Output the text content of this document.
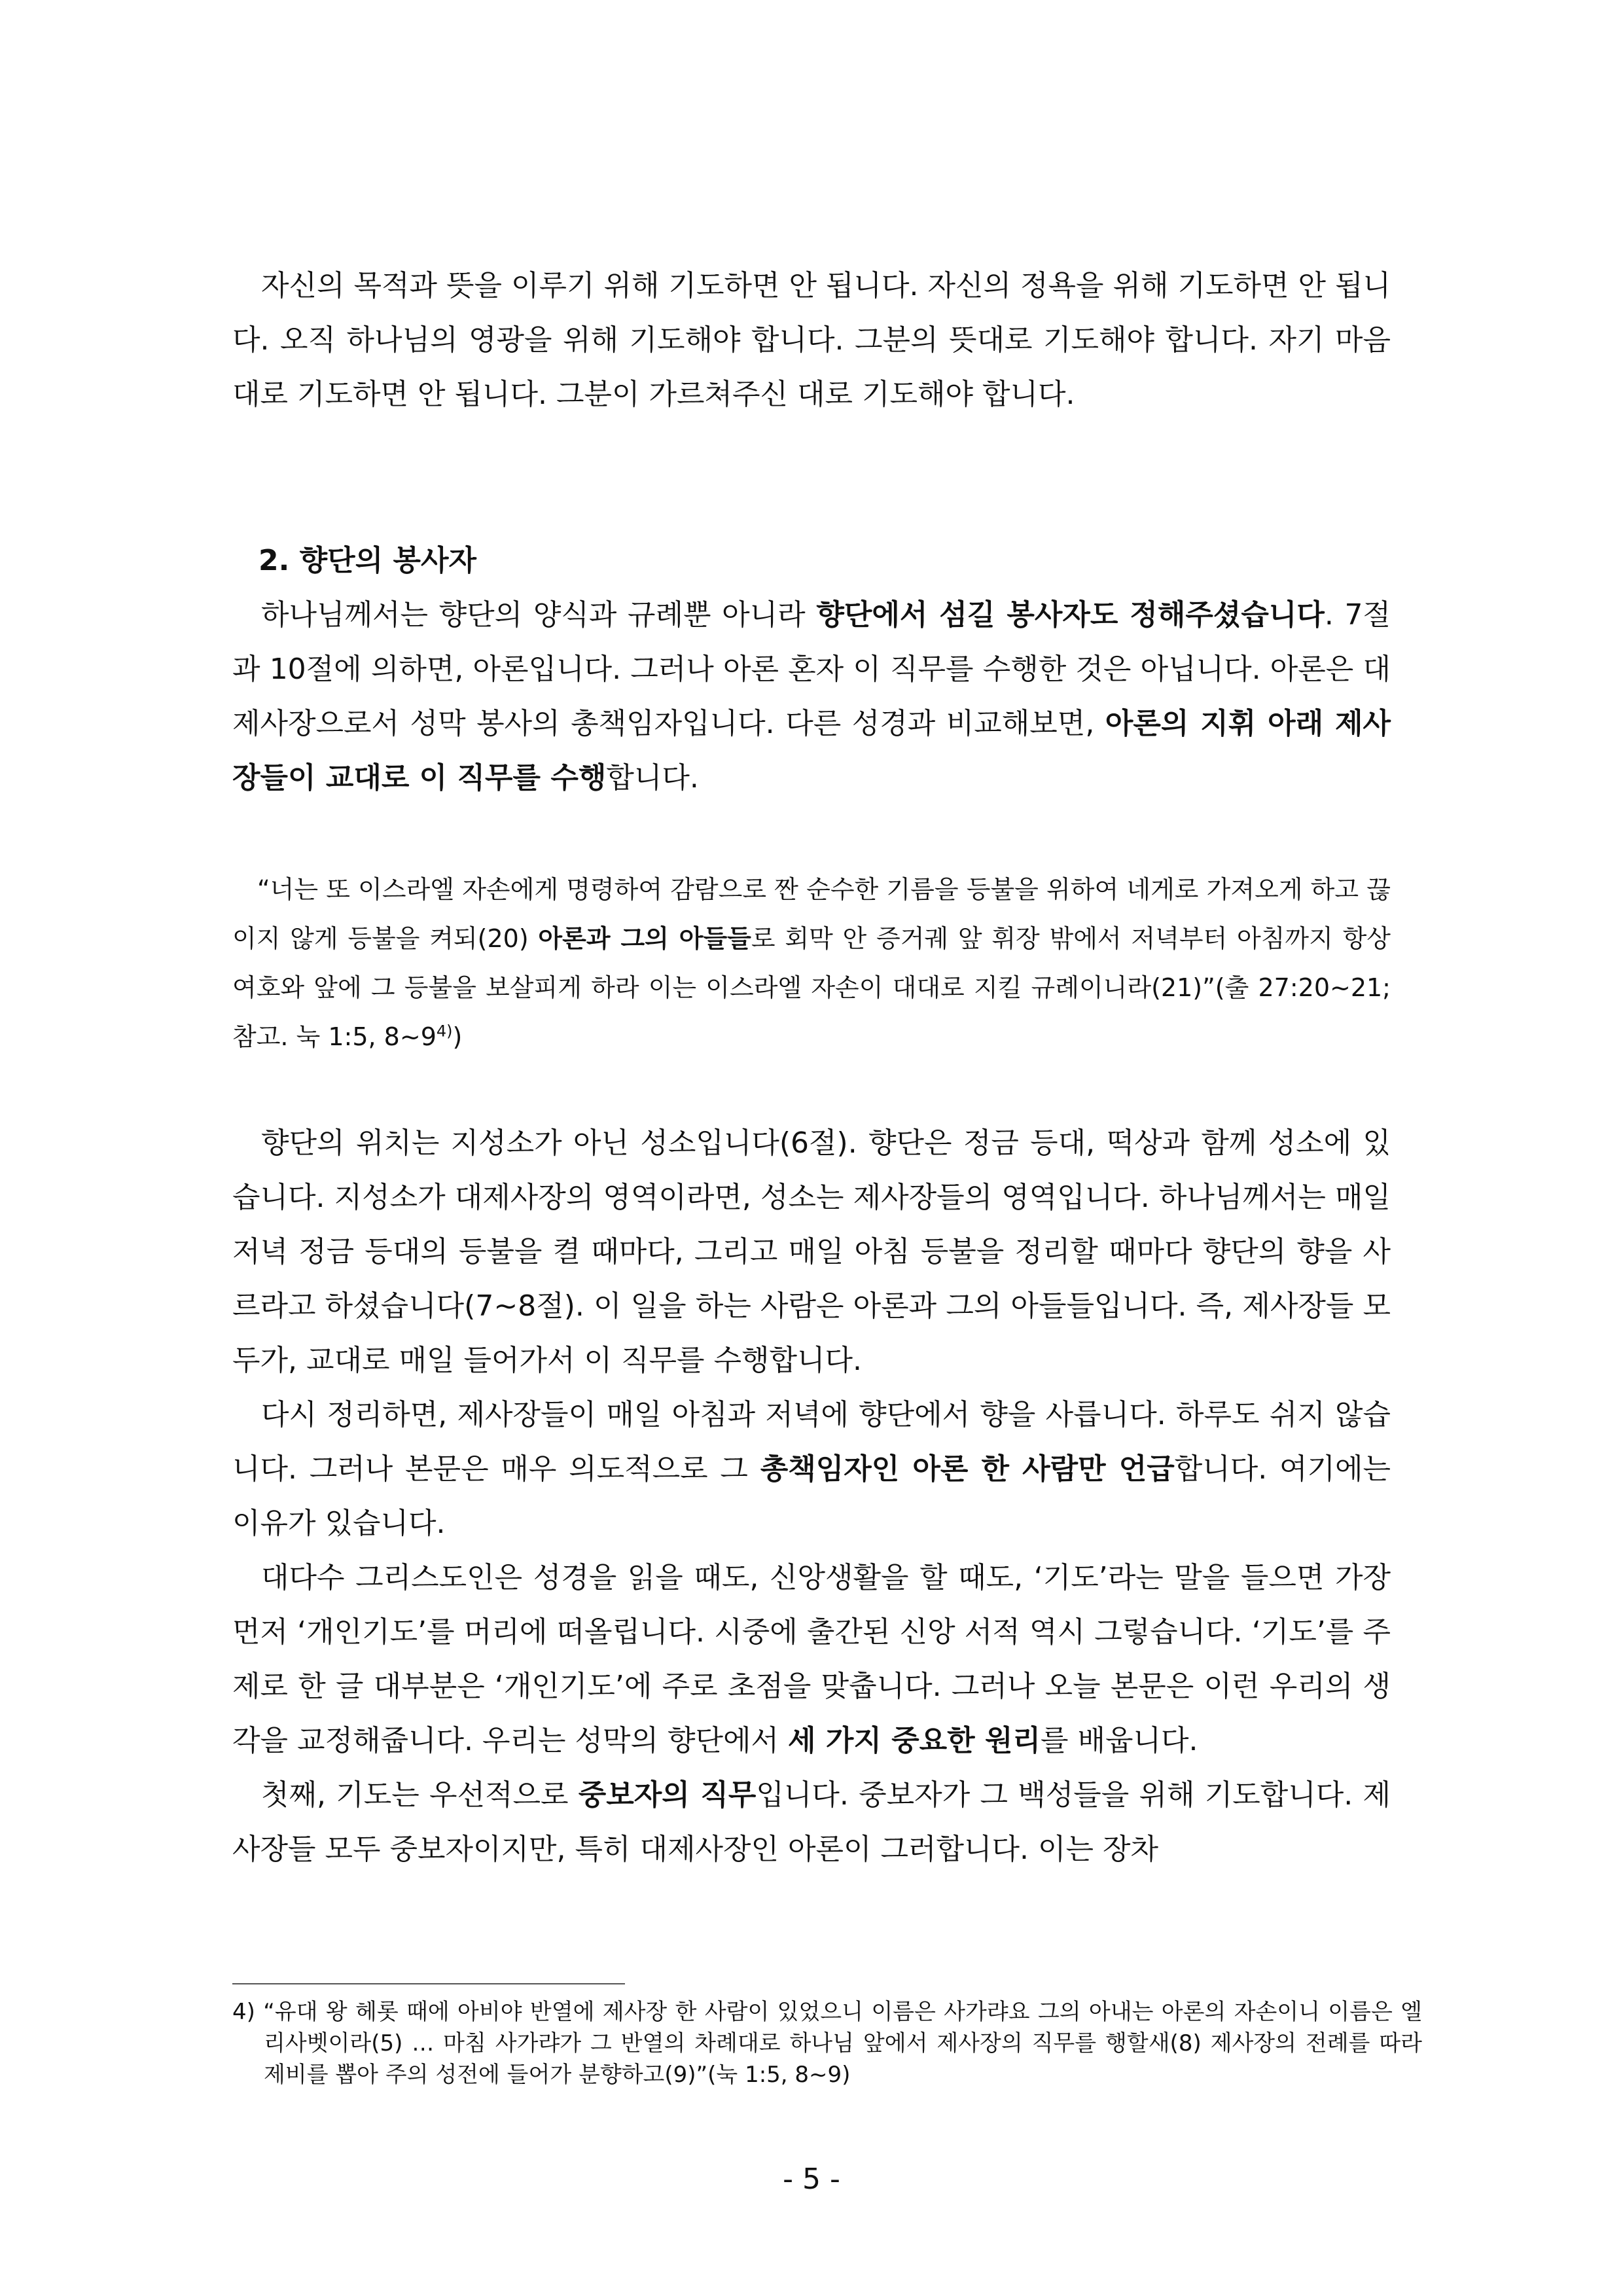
자신의 목적과 뜻을 이루기 위해 기도하면 안 됩니다. 자신의 정욕을 위해 기도하면 안 됩니다. 오직 하나님의 영광을 위해 기도해야 합니다. 그분의 뜻대로 기도해야 합니다. 자기 마음대로 기도하면 안 됩니다. 그분이 가르쳐주신 대로 기도해야 합니다.

2. 향단의 봉사자

하나님께서는 향단의 양식과 규례뿐 아니라 향단에서 섬길 봉사자도 정해주셨습니다. 7절과 10절에 의하면, 아론입니다. 그러나 아론 혼자 이 직무를 수행한 것은 아닙니다. 아론은 대제사장으로서 성막 봉사의 총책임자입니다. 다른 성경과 비교해보면, 아론의 지휘 아래 제사장들이 교대로 이 직무를 수행합니다.

“너는 또 이스라엘 자손에게 명령하여 감람으로 짠 순수한 기름을 등불을 위하여 네게로 가져오게 하고 끊이지 않게 등불을 켜되(20) 아론과 그의 아들들로 회막 안 증거궤 앞 휘장 밖에서 저녁부터 아침까지 항상 여호와 앞에 그 등불을 보살피게 하라 이는 이스라엘 자손이 대대로 지킬 규례이니라(21)”(출 27:20~21; 참고. 눅 1:5, 8~9$^{4)}$)

향단의 위치는 지성소가 아닌 성소입니다(6절). 향단은 정금 등대, 떡상과 함께 성소에 있습니다. 지성소가 대제사장의 영역이라면, 성소는 제사장들의 영역입니다. 하나님께서는 매일 저녁 정금 등대의 등불을 켤 때마다, 그리고 매일 아침 등불을 정리할 때마다 향단의 향을 사르라고 하셨습니다(7~8절). 이 일을 하는 사람은 아론과 그의 아들들입니다. 즉, 제사장들 모두가, 교대로 매일 들어가서 이 직무를 수행합니다.

다시 정리하면, 제사장들이 매일 아침과 저녁에 향단에서 향을 사릅니다. 하루도 쉬지 않습니다. 그러나 본문은 매우 의도적으로 그 총책임자인 아론 한 사람만 언급합니다. 여기에는 이유가 있습니다.

대다수 그리스도인은 성경을 읽을 때도, 신앙생활을 할 때도, ‘기도’라는 말을 들으면 가장 먼저 ‘개인기도’를 머리에 떠올립니다. 시중에 출간된 신앙 서적 역시 그렇습니다. ‘기도’를 주제로 한 글 대부분은 ‘개인기도’에 주로 초점을 맞춥니다. 그러나 오늘 본문은 이런 우리의 생각을 교정해줍니다. 우리는 성막의 향단에서 세 가지 중요한 원리를 배웁니다.

첫째, 기도는 우선적으로 중보자의 직무입니다. 중보자가 그 백성들을 위해 기도합니다. 제사장들 모두 중보자이지만, 특히 대제사장인 아론이 그러합니다. 이는 장차

4) “유대 왕 헤롯 때에 아비야 반열에 제사장 한 사람이 있었으니 이름은 사가랴요 그의 아내는 아론의 자손이니 이름은 엘리사벳이라(5) … 마침 사가랴가 그 반열의 차례대로 하나님 앞에서 제사장의 직무를 행할새(8) 제사장의 전례를 따라 제비를 뽑아 주의 성전에 들어가 분향하고(9)”(눅 1:5, 8~9)
- 5 -
